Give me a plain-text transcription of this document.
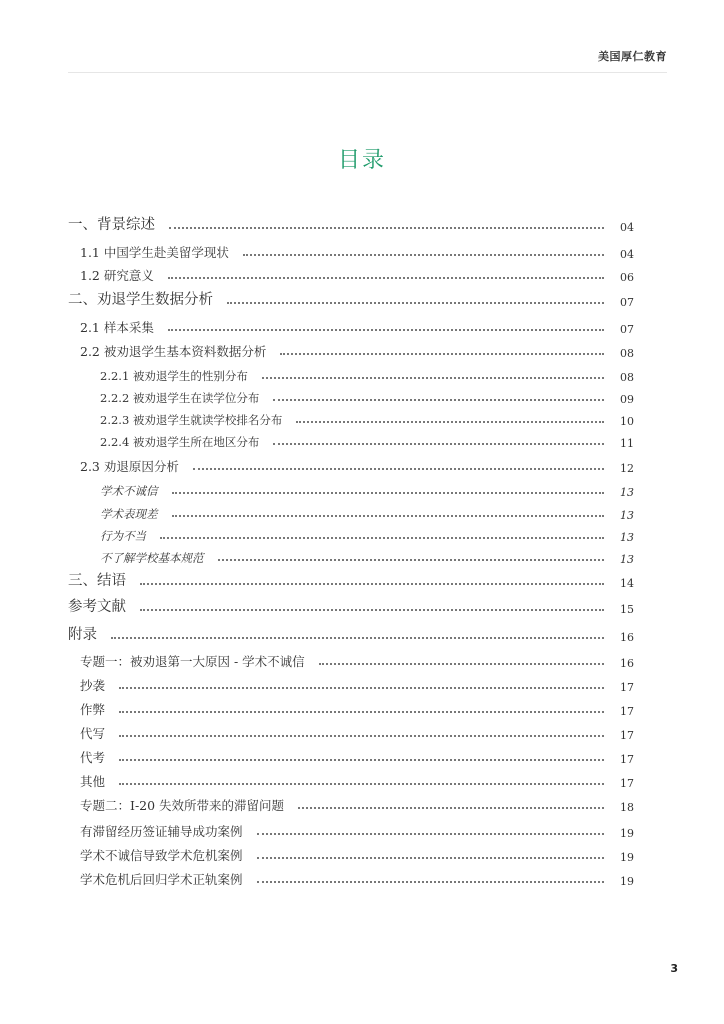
美国厚仁教育
目录
一、背景综述	04
1.1 中国学生赴美留学现状	04
1.2 研究意义	06
二、劝退学生数据分析	07
2.1 样本采集	07
2.2 被劝退学生基本资料数据分析	08
2.2.1 被劝退学生的性别分布	08
2.2.2 被劝退学生在读学位分布	09
2.2.3 被劝退学生就读学校排名分布	10
2.2.4 被劝退学生所在地区分布	11
2.3 劝退原因分析	12
学术不诚信	13
学术表现差	13
行为不当	13
不了解学校基本规范	13
三、结语	14
参考文献	15
附录	16
专题一：被劝退第一大原因 - 学术不诚信	16
抄袭	17
作弊	17
代写	17
代考	17
其他	17
专题二：I-20 失效所带来的滞留问题	18
有滞留经历签证辅导成功案例	19
学术不诚信导致学术危机案例	19
学术危机后回归学术正轨案例	19
3
